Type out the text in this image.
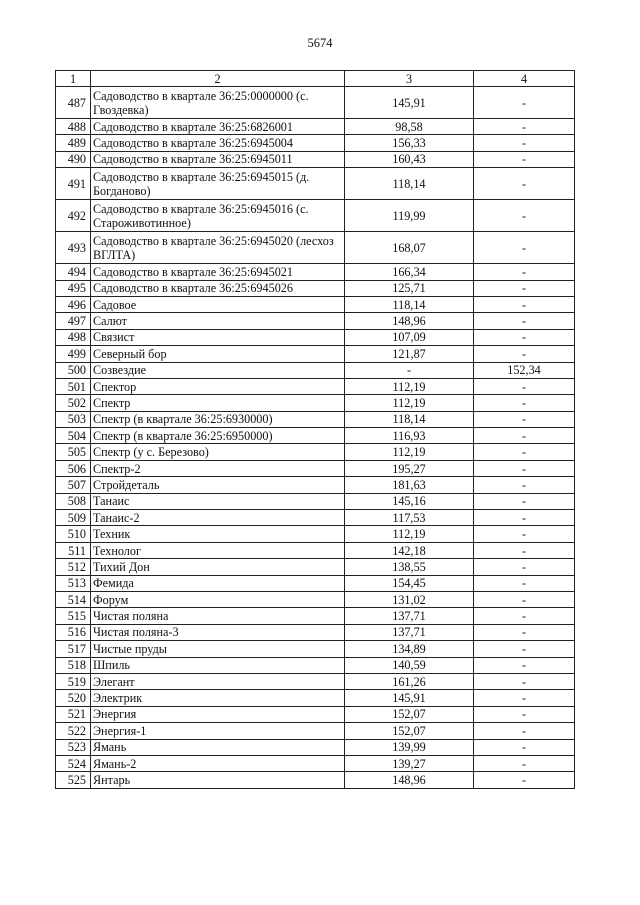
5674
1	2	3	4
487	Садоводство в квартале 36:25:0000000 (с. Гвоздевка)	145,91	-
488	Садоводство в квартале 36:25:6826001	98,58	-
489	Садоводство в квартале 36:25:6945004	156,33	-
490	Садоводство в квартале 36:25:6945011	160,43	-
491	Садоводство в квартале 36:25:6945015 (д. Богданово)	118,14	-
492	Садоводство в квартале 36:25:6945016 (с. Староживотинное)	119,99	-
493	Садоводство в квартале 36:25:6945020 (лесхоз ВГЛТА)	168,07	-
494	Садоводство в квартале 36:25:6945021	166,34	-
495	Садоводство в квартале 36:25:6945026	125,71	-
496	Садовое	118,14	-
497	Салют	148,96	-
498	Связист	107,09	-
499	Северный бор	121,87	-
500	Созвездие	-	152,34
501	Спектор	112,19	-
502	Спектр	112,19	-
503	Спектр (в квартале 36:25:6930000)	118,14	-
504	Спектр (в квартале 36:25:6950000)	116,93	-
505	Спектр (у с. Березово)	112,19	-
506	Спектр-2	195,27	-
507	Стройдеталь	181,63	-
508	Танаис	145,16	-
509	Танаис-2	117,53	-
510	Техник	112,19	-
511	Технолог	142,18	-
512	Тихий Дон	138,55	-
513	Фемида	154,45	-
514	Форум	131,02	-
515	Чистая поляна	137,71	-
516	Чистая поляна-3	137,71	-
517	Чистые пруды	134,89	-
518	Шпиль	140,59	-
519	Элегант	161,26	-
520	Электрик	145,91	-
521	Энергия	152,07	-
522	Энергия-1	152,07	-
523	Ямань	139,99	-
524	Ямань-2	139,27	-
525	Янтарь	148,96	-
